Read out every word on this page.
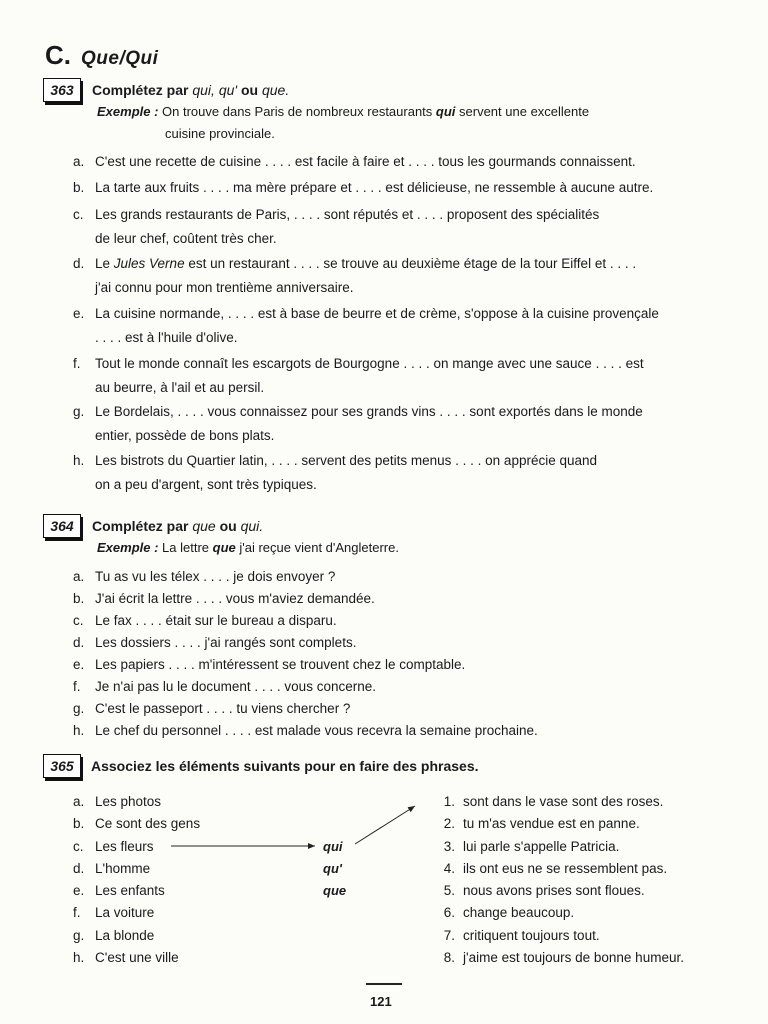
C. Que/Qui
363	Complétez par qui, qu' ou que.
Exemple : On trouve dans Paris de nombreux restaurants qui servent une excellente
cuisine provinciale.
a. C'est une recette de cuisine . . . . est facile à faire et . . . . tous les gourmands connaissent.
b. La tarte aux fruits . . . . ma mère prépare et . . . . est délicieuse, ne ressemble à aucune autre.
c. Les grands restaurants de Paris, . . . . sont réputés et . . . . proposent des spécialités
de leur chef, coûtent très cher.
d. Le Jules Verne est un restaurant . . . . se trouve au deuxième étage de la tour Eiffel et . . . .
j'ai connu pour mon trentième anniversaire.
e. La cuisine normande, . . . . est à base de beurre et de crème, s'oppose à la cuisine provençale
. . . . est à l'huile d'olive.
f. Tout le monde connaît les escargots de Bourgogne . . . . on mange avec une sauce . . . . est
au beurre, à l'ail et au persil.
g. Le Bordelais, . . . . vous connaissez pour ses grands vins . . . . sont exportés dans le monde
entier, possède de bons plats.
h. Les bistrots du Quartier latin, . . . . servent des petits menus . . . . on apprécie quand
on a peu d'argent, sont très typiques.
364	Complétez par que ou qui.
Exemple : La lettre que j'ai reçue vient d'Angleterre.
a. Tu as vu les télex . . . . je dois envoyer ?
b. J'ai écrit la lettre . . . . vous m'aviez demandée.
c. Le fax . . . . était sur le bureau a disparu.
d. Les dossiers . . . . j'ai rangés sont complets.
e. Les papiers . . . . m'intéressent se trouvent chez le comptable.
f. Je n'ai pas lu le document . . . . vous concerne.
g. C'est le passeport . . . . tu viens chercher ?
h. Le chef du personnel . . . . est malade vous recevra la semaine prochaine.
365	Associez les éléments suivants pour en faire des phrases.
a. Les photos
b. Ce sont des gens
c. Les fleurs
d. L'homme
e. Les enfants
f. La voiture
g. La blonde
h. C'est une ville
qui
qu'
que
1. sont dans le vase sont des roses.
2. tu m'as vendue est en panne.
3. lui parle s'appelle Patricia.
4. ils ont eus ne se ressemblent pas.
5. nous avons prises sont floues.
6. change beaucoup.
7. critiquent toujours tout.
8. j'aime est toujours de bonne humeur.
121
